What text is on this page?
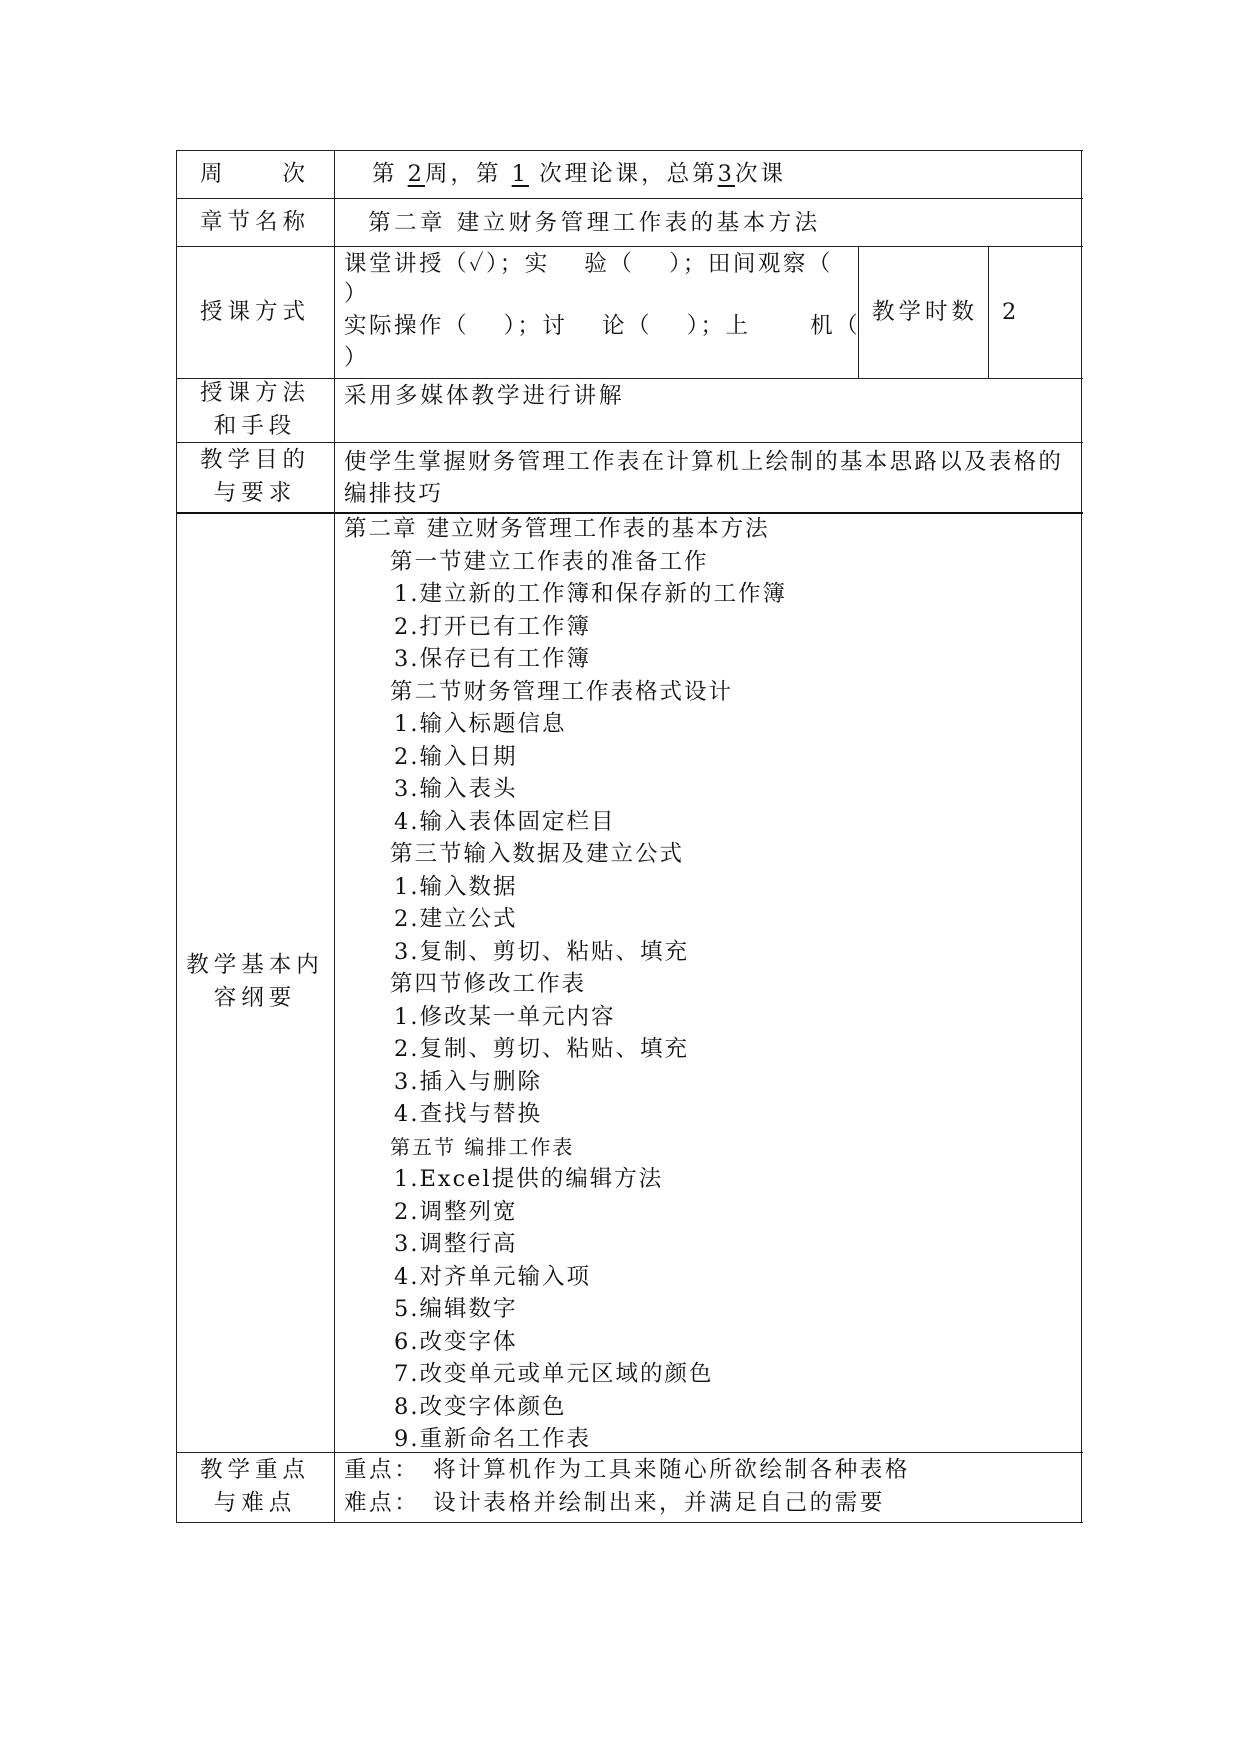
周　　次	第 2周，第 1 次理论课，总第3次课
章节名称	第二章 建立财务管理工作表的基本方法
授课方式
课堂讲授（✓）；实　 验（　 ）；田间观察（
）
实际操作（　 ）；讨　 论（　 ）；上　　 机（
）
教学时数 2
授课方法
和手段
采用多媒体教学进行讲解
教学目的
与要求
使学生掌握财务管理工作表在计算机上绘制的基本思路以及表格的
编排技巧
教学基本内
容纲要
第二章 建立财务管理工作表的基本方法
第一节建立工作表的准备工作
1.建立新的工作簿和保存新的工作簿
2.打开已有工作簿
3.保存已有工作簿
第二节财务管理工作表格式设计
1.输入标题信息
2.输入日期
3.输入表头
4.输入表体固定栏目
第三节输入数据及建立公式
1.输入数据
2.建立公式
3.复制、剪切、粘贴、填充
第四节修改工作表
1.修改某一单元内容
2.复制、剪切、粘贴、填充
3.插入与删除
4.查找与替换
第五节 编排工作表
1.Excel提供的编辑方法
2.调整列宽
3.调整行高
4.对齐单元输入项
5.编辑数字
6.改变字体
7.改变单元或单元区域的颜色
8.改变字体颜色
9.重新命名工作表
教学重点
与难点
重点：　将计算机作为工具来随心所欲绘制各种表格
难点：　设计表格并绘制出来，并满足自己的需要
